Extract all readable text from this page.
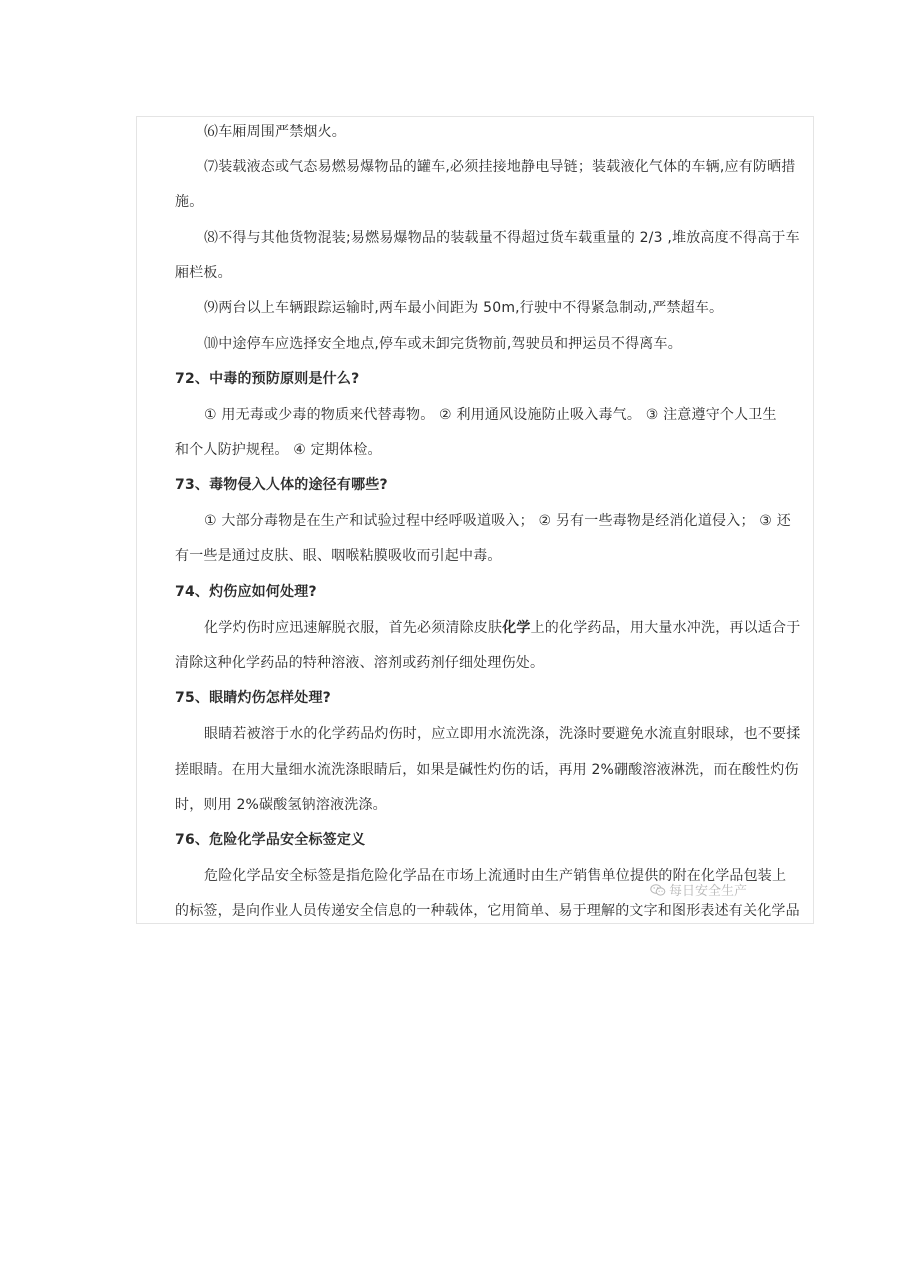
⑹车厢周围严禁烟火。
⑺装载液态或气态易燃易爆物品的罐车,必须挂接地静电导链；装载液化气体的车辆,应有防晒措
施。
⑻不得与其他货物混装;易燃易爆物品的装载量不得超过货车载重量的 2/3 ,堆放高度不得高于车
厢栏板。
⑼两台以上车辆跟踪运输时,两车最小间距为 50m,行驶中不得紧急制动,严禁超车。
⑽中途停车应选择安全地点,停车或未卸完货物前,驾驶员和押运员不得离车。
72、中毒的预防原则是什么?
① 用无毒或少毒的物质来代替毒物。 ② 利用通风设施防止吸入毒气。 ③ 注意遵守个人卫生
和个人防护规程。 ④ 定期体检。
73、毒物侵入人体的途径有哪些?
① 大部分毒物是在生产和试验过程中经呼吸道吸入； ② 另有一些毒物是经消化道侵入； ③ 还
有一些是通过皮肤、眼、咽喉粘膜吸收而引起中毒。
74、灼伤应如何处理?
化学灼伤时应迅速解脱衣服，首先必须清除皮肤化学上的化学药品，用大量水冲洗，再以适合于
清除这种化学药品的特种溶液、溶剂或药剂仔细处理伤处。
75、眼睛灼伤怎样处理?
眼睛若被溶于水的化学药品灼伤时，应立即用水流洗涤，洗涤时要避免水流直射眼球，也不要揉
搓眼睛。在用大量细水流洗涤眼睛后，如果是碱性灼伤的话，再用 2%硼酸溶液淋洗，而在酸性灼伤
时，则用 2%碳酸氢钠溶液洗涤。
76、危险化学品安全标签定义
危险化学品安全标签是指危险化学品在市场上流通时由生产销售单位提供的附在化学品包装上
的标签，是向作业人员传递安全信息的一种载体，它用简单、易于理解的文字和图形表述有关化学品
每日安全生产
